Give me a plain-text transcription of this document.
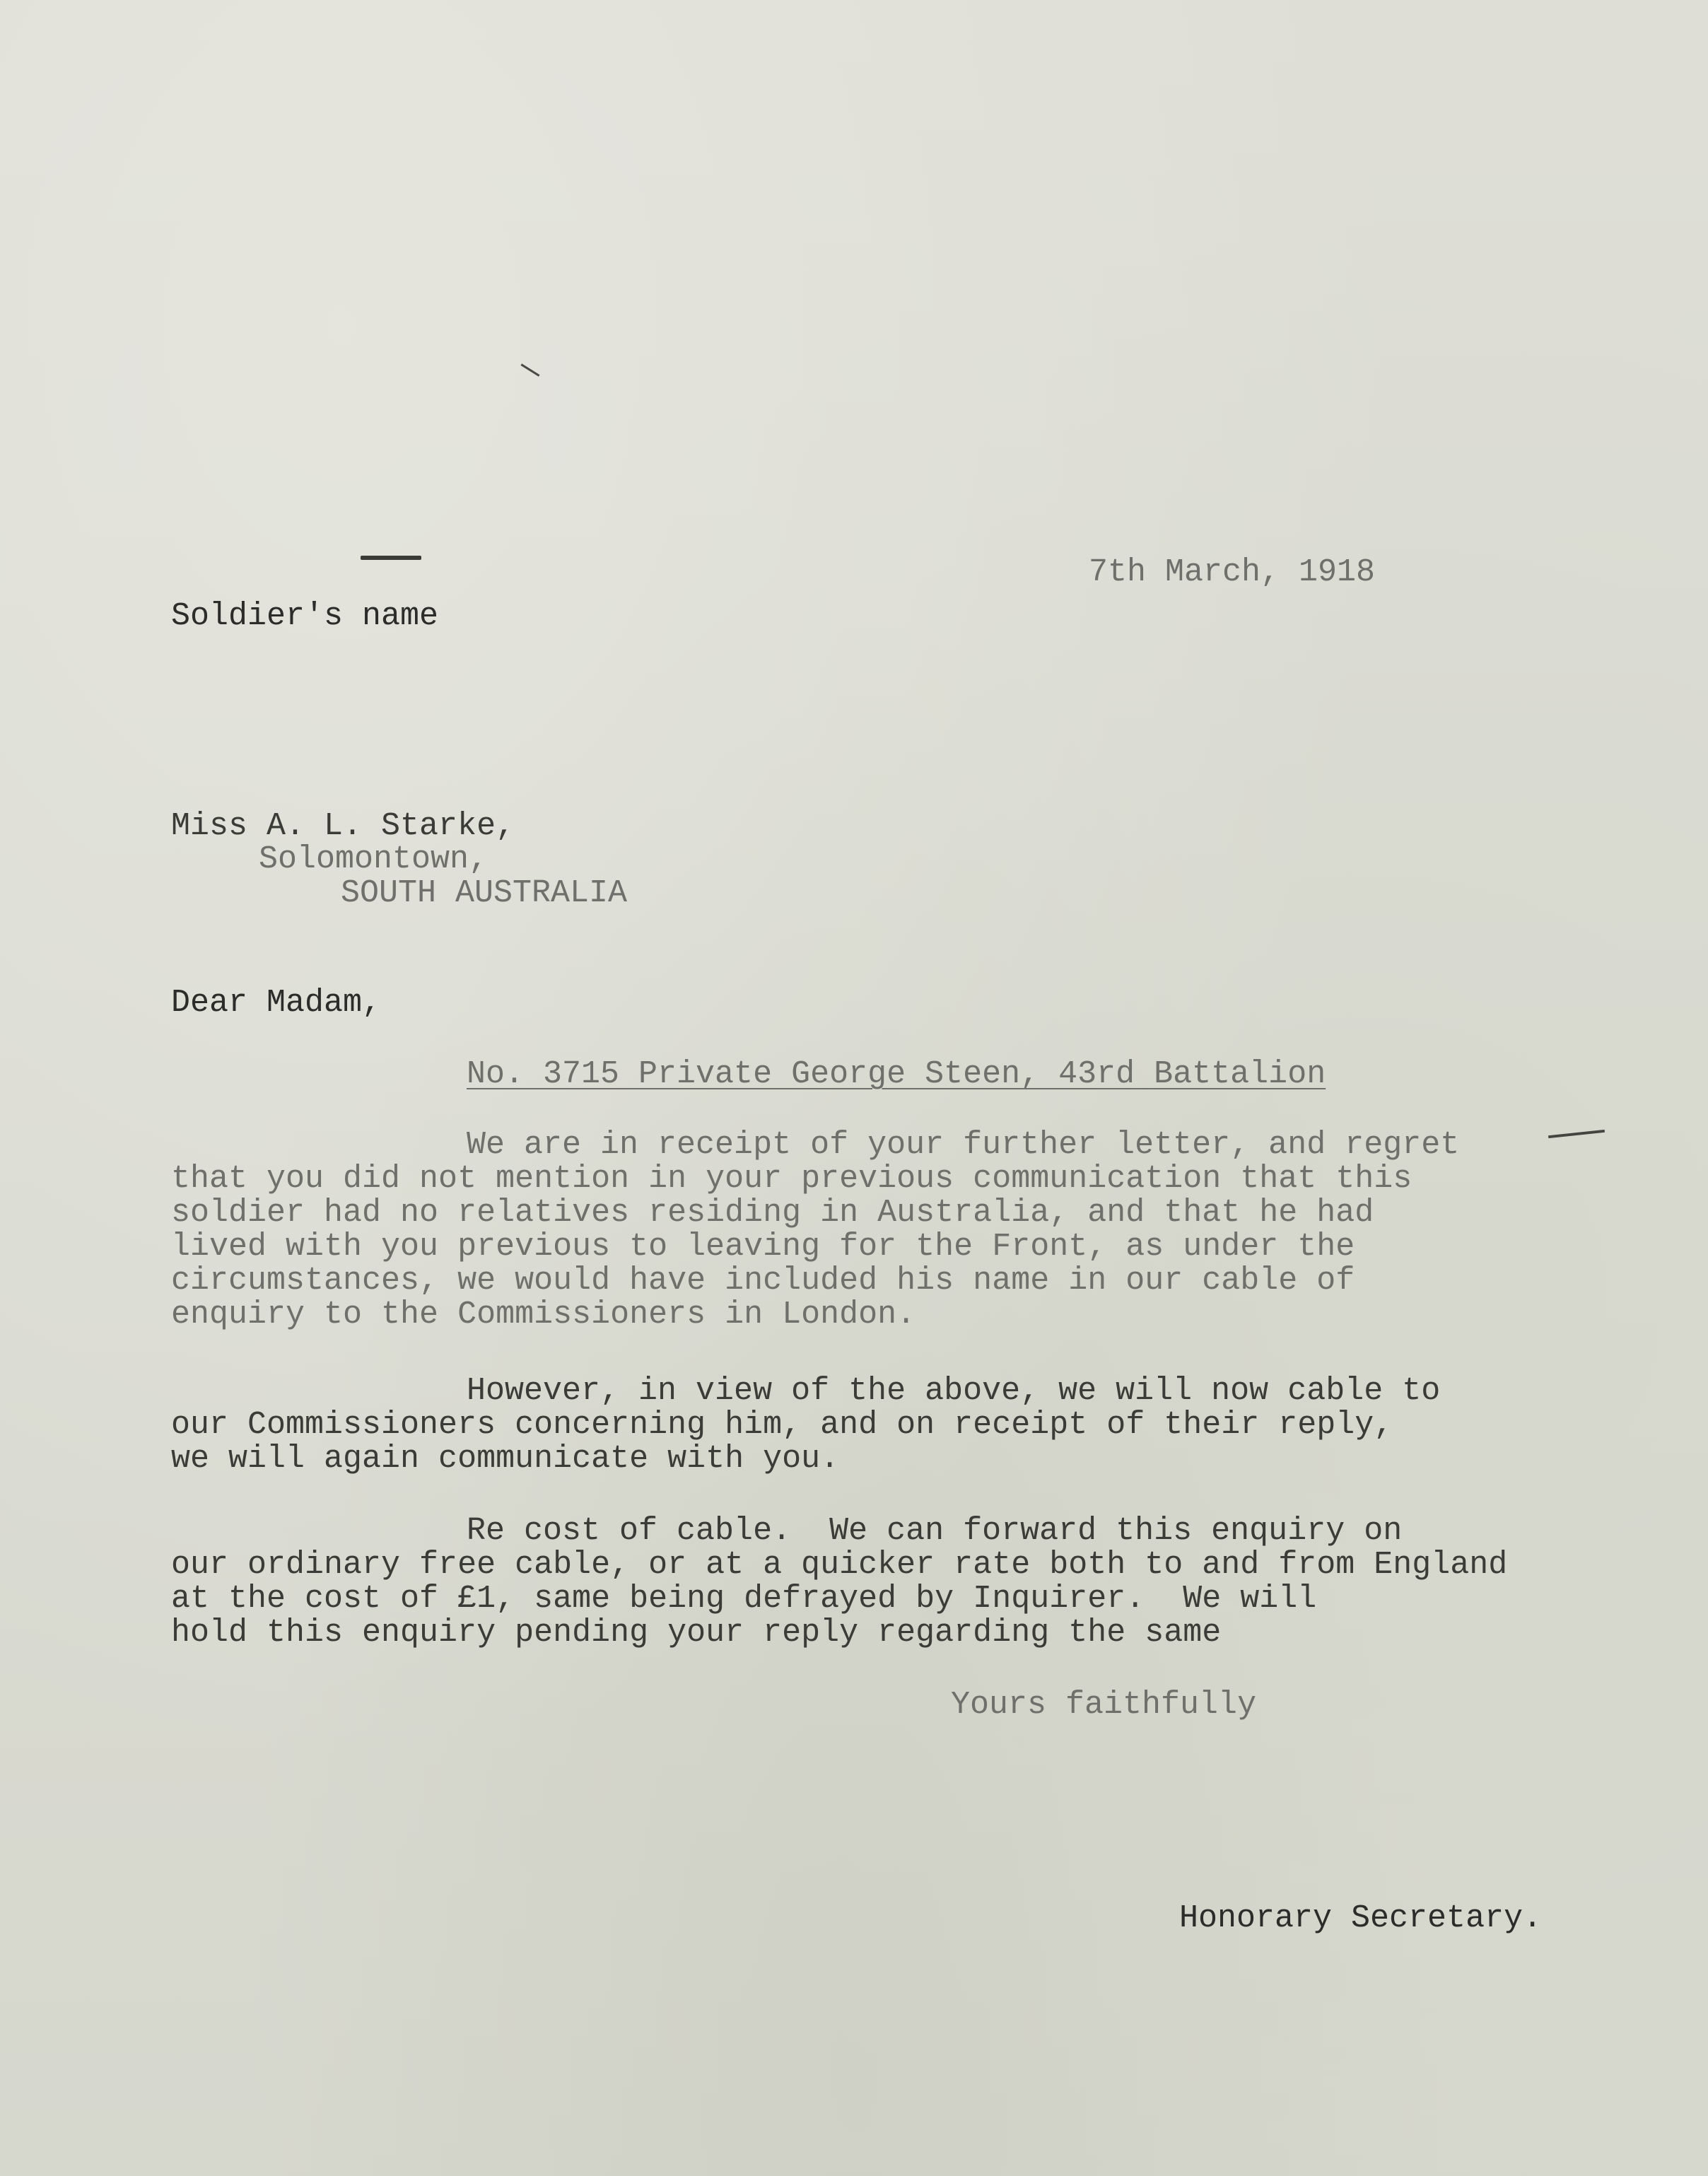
7th March, 1918

Soldier's name

Miss A. L. Starke,

Solomontown,

SOUTH AUSTRALIA

Dear Madam,

No. 3715 Private George Steen, 43rd Battalion

We are in receipt of your further letter, and regret

that you did not mention in your previous communication that this

soldier had no relatives residing in Australia, and that he had

lived with you previous to leaving for the Front, as under the

circumstances, we would have included his name in our cable of

enquiry to the Commissioners in London.

However, in view of the above, we will now cable to

our Commissioners concerning him, and on receipt of their reply,

we will again communicate with you.

Re cost of cable.  We can forward this enquiry on

our ordinary free cable, or at a quicker rate both to and from England

at the cost of £1, same being defrayed by Inquirer.  We will

hold this enquiry pending your reply regarding the same

Yours faithfully

Honorary Secretary.
